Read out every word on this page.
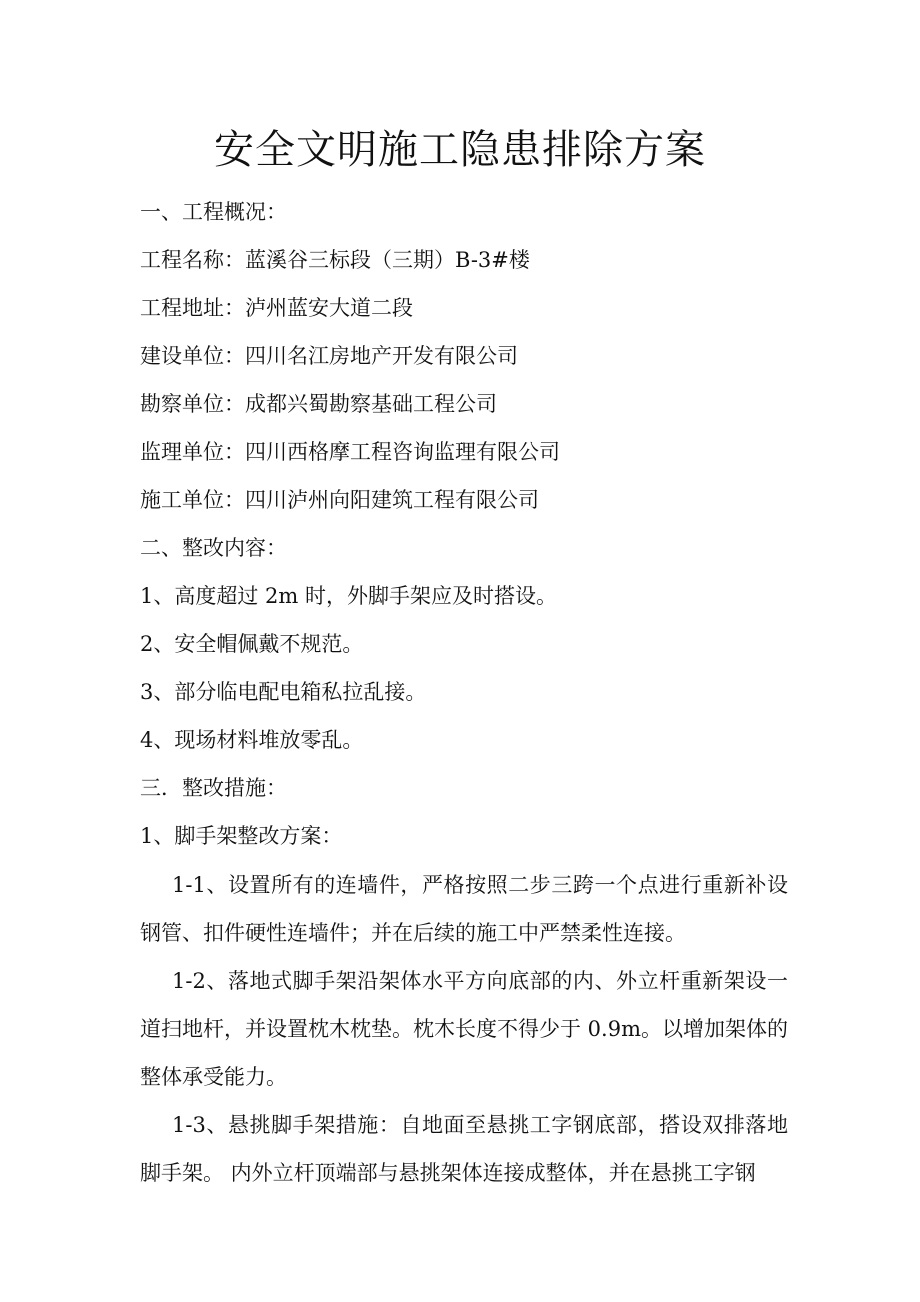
安全文明施工隐患排除方案

一、工程概况：

工程名称：蓝溪谷三标段（三期）B-3#楼

工程地址：泸州蓝安大道二段

建设单位：四川名江房地产开发有限公司

勘察单位：成都兴蜀勘察基础工程公司

监理单位：四川西格摩工程咨询监理有限公司

施工单位：四川泸州向阳建筑工程有限公司

二、整改内容：

1、高度超过 2m 时，外脚手架应及时搭设。

2、安全帽佩戴不规范。

3、部分临电配电箱私拉乱接。

4、现场材料堆放零乱。

三．整改措施：

1、脚手架整改方案：

1-1、设置所有的连墙件，严格按照二步三跨一个点进行重新补设钢管、扣件硬性连墙件；并在后续的施工中严禁柔性连接。

1-2、落地式脚手架沿架体水平方向底部的内、外立杆重新架设一道扫地杆，并设置枕木枕垫。枕木长度不得少于 0.9m。以增加架体的整体承受能力。

1-3、悬挑脚手架措施：自地面至悬挑工字钢底部，搭设双排落地脚手架。 内外立杆顶端部与悬挑架体连接成整体，并在悬挑工字钢
